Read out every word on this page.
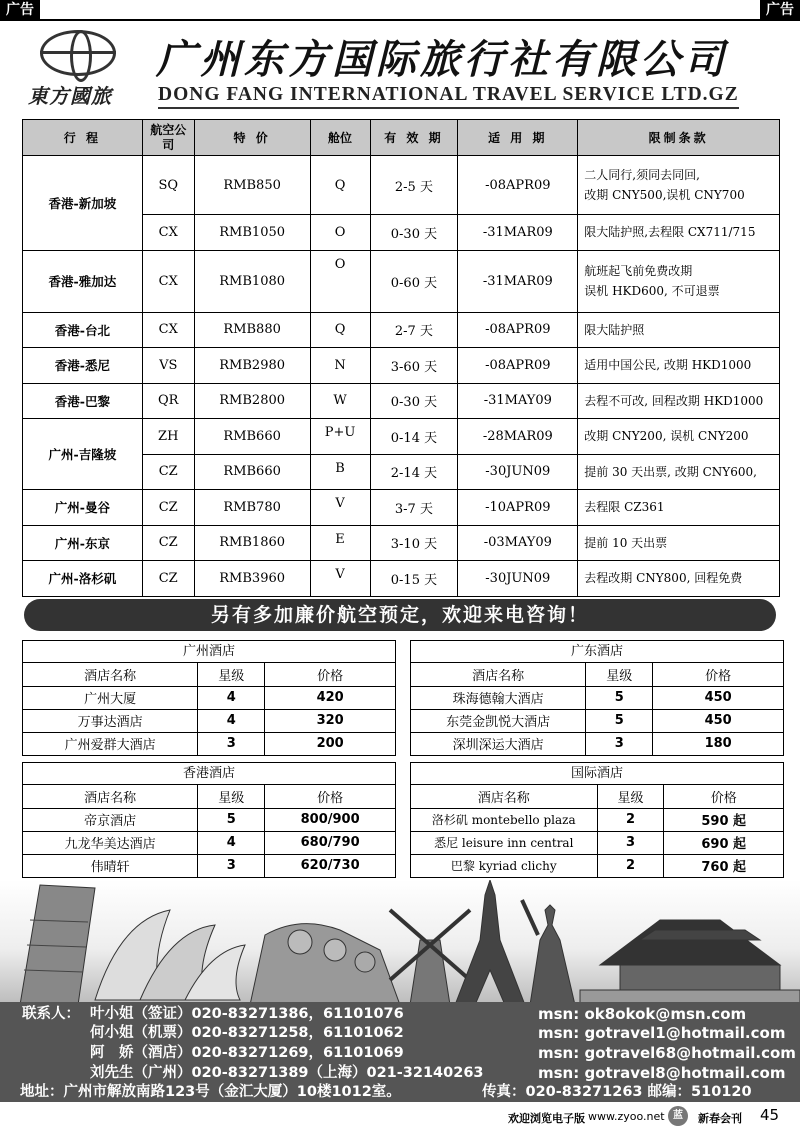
广告	广告
東方國旅
广州东方国际旅行社有限公司
DONG FANG INTERNATIONAL TRAVEL SERVICE LTD.GZ
行 程	航空公司	特 价	舱位	有 效 期	适 用 期	限制条款
香港-新加坡	SQ	RMB850	Q	2-5 天	-08APR09	二人同行,须同去同回,
改期 CNY500,误机 CNY700

	CX	RMB1050	O	0-30 天	-31MAR09	限大陆护照,去程限 CX711/715
香港-雅加达	CX	RMB1080	O	0-60 天	-31MAR09	航班起飞前免费改期
误机 HKD600, 不可退票

香港-台北	CX	RMB880	Q	2-7 天	-08APR09	限大陆护照
香港-悉尼	VS	RMB2980	N	3-60 天	-08APR09	适用中国公民, 改期 HKD1000
香港-巴黎	QR	RMB2800	W	0-30 天	-31MAY09	去程不可改, 回程改期 HKD1000
广州-吉隆坡	ZH	RMB660	P+U	0-14 天	-28MAR09	改期 CNY200, 误机 CNY200
	CZ	RMB660	B	2-14 天	-30JUN09	提前 30 天出票, 改期 CNY600,
广州-曼谷	CZ	RMB780	V	3-7 天	-10APR09	去程限 CZ361
广州-东京	CZ	RMB1860	E	3-10 天	-03MAY09	提前 10 天出票
广州-洛杉矶	CZ	RMB3960	V	0-15 天	-30JUN09	去程改期 CNY800, 回程免费
另有多加廉价航空预定，欢迎来电咨询！
广州酒店
酒店名称	星级	价格
广州大厦	4	420
万事达酒店	4	320
广州爱群大酒店	3	200
广东酒店
酒店名称	星级	价格
珠海德翰大酒店	5	450
东莞金凯悦大酒店	5	450
深圳深运大酒店	3	180
香港酒店
酒店名称	星级	价格
帝京酒店	5	800/900
九龙华美达酒店	4	680/790
伟晴轩	3	620/730
国际酒店
酒店名称	星级	价格
洛杉矶 montebello plaza	2	590 起
悉尼 leisure inn central	3	690 起
巴黎 kyriad clichy	2	760 起
联系人： 叶小姐（签证）020-83271386，61101076
何小姐（机票）020-83271258，61101062
阿　娇（酒店）020-83271269，61101069
刘先生（广州）020-83271389（上海）021-32140263
msn: ok8okok@msn.com
msn: gotravel1@hotmail.com
msn: gotravel68@hotmail.com
msn: gotravel8@hotmail.com
地址：广州市解放南路123号（金汇大厦）10楼1012室。	传真：020-83271263 邮编：510120
欢迎浏览电子版 www.zyoo.net 蓝	新春会刊 45
